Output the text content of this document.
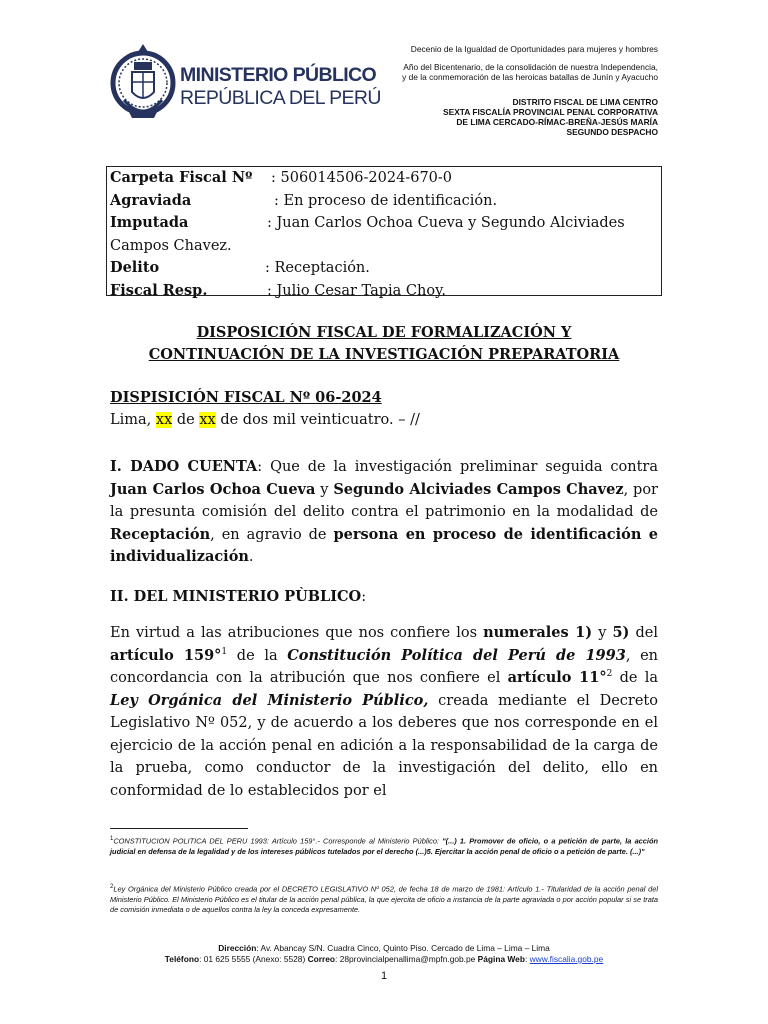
MINISTERIO PÚBLICO
REPÚBLICA DEL PERÚ
Decenio de la Igualdad de Oportunidades para mujeres y hombres
Año del Bicentenario, de la consolidación de nuestra Independencia,
y de la conmemoración de las heroicas batallas de Junín y Ayacucho
DISTRITO FISCAL DE LIMA CENTRO
SEXTA FISCALÍA PROVINCIAL PENAL CORPORATIVA
DE LIMA CERCADO-RÍMAC-BREÑA-JESÚS MARÍA
SEGUNDO DESPACHO
Carpeta Fiscal Nº : 506014506-2024-670-0
Agraviada	: En proceso de identificación.
Imputada	: Juan Carlos Ochoa Cueva y Segundo Alciviades
Campos Chavez.
Delito	: Receptación.
Fiscal Resp.	: Julio Cesar Tapia Choy.
DISPOSICIÓN FISCAL DE FORMALIZACIÓN Y
CONTINUACIÓN DE LA INVESTIGACIÓN PREPARATORIA
DISPISICIÓN FISCAL Nº 06-2024
Lima, xx de xx de dos mil veinticuatro. – //
I. DADO CUENTA: Que de la investigación preliminar seguida contra Juan Carlos Ochoa Cueva y Segundo Alciviades Campos Chavez, por la presunta comisión del delito contra el patrimonio en la modalidad de Receptación, en agravio de persona en proceso de identificación e individualización.
II. DEL MINISTERIO PÙBLICO:
En virtud a las atribuciones que nos confiere los numerales 1) y 5) del artículo 159°$^1$ de la Constitución Política del Perú de 1993, en concordancia con la atribución que nos confiere el artículo 11°$^2$ de la Ley Orgánica del Ministerio Público, creada mediante el Decreto Legislativo Nº 052, y de acuerdo a los deberes que nos corresponde en el ejercicio de la acción penal en adición a la responsabilidad de la carga de la prueba, como conductor de la investigación del delito, ello en conformidad de lo establecidos por el
$^1$CONSTITUCION POLITICA DEL PERU 1993: Artículo 159°.- Corresponde al Ministerio Público: "(...) 1. Promover de oficio, o a petición de parte, la acción judicial en defensa de la legalidad y de los intereses públicos tutelados por el derecho (...)5. Ejercitar la acción penal de oficio o a petición de parte. (...)"
$^2$Ley Orgánica del Ministerio Público creada por el DECRETO LEGISLATIVO Nº 052, de fecha 18 de marzo de 1981: Artículo 1.- Titularidad de la acción penal del Ministerio Público. El Ministerio Público es el titular de la acción penal pública, la que ejercita de oficio a instancia de la parte agraviada o por acción popular si se trata de comisión inmediata o de aquellos contra la ley la conceda expresamente.
Dirección: Av. Abancay S/N. Cuadra Cinco, Quinto Piso. Cercado de Lima – Lima – Lima
Teléfono: 01 625 5555 (Anexo: 5528) Correo: 28provincialpenallima@mpfn.gob.pe Página Web: www.fiscalia.gob.pe
1
